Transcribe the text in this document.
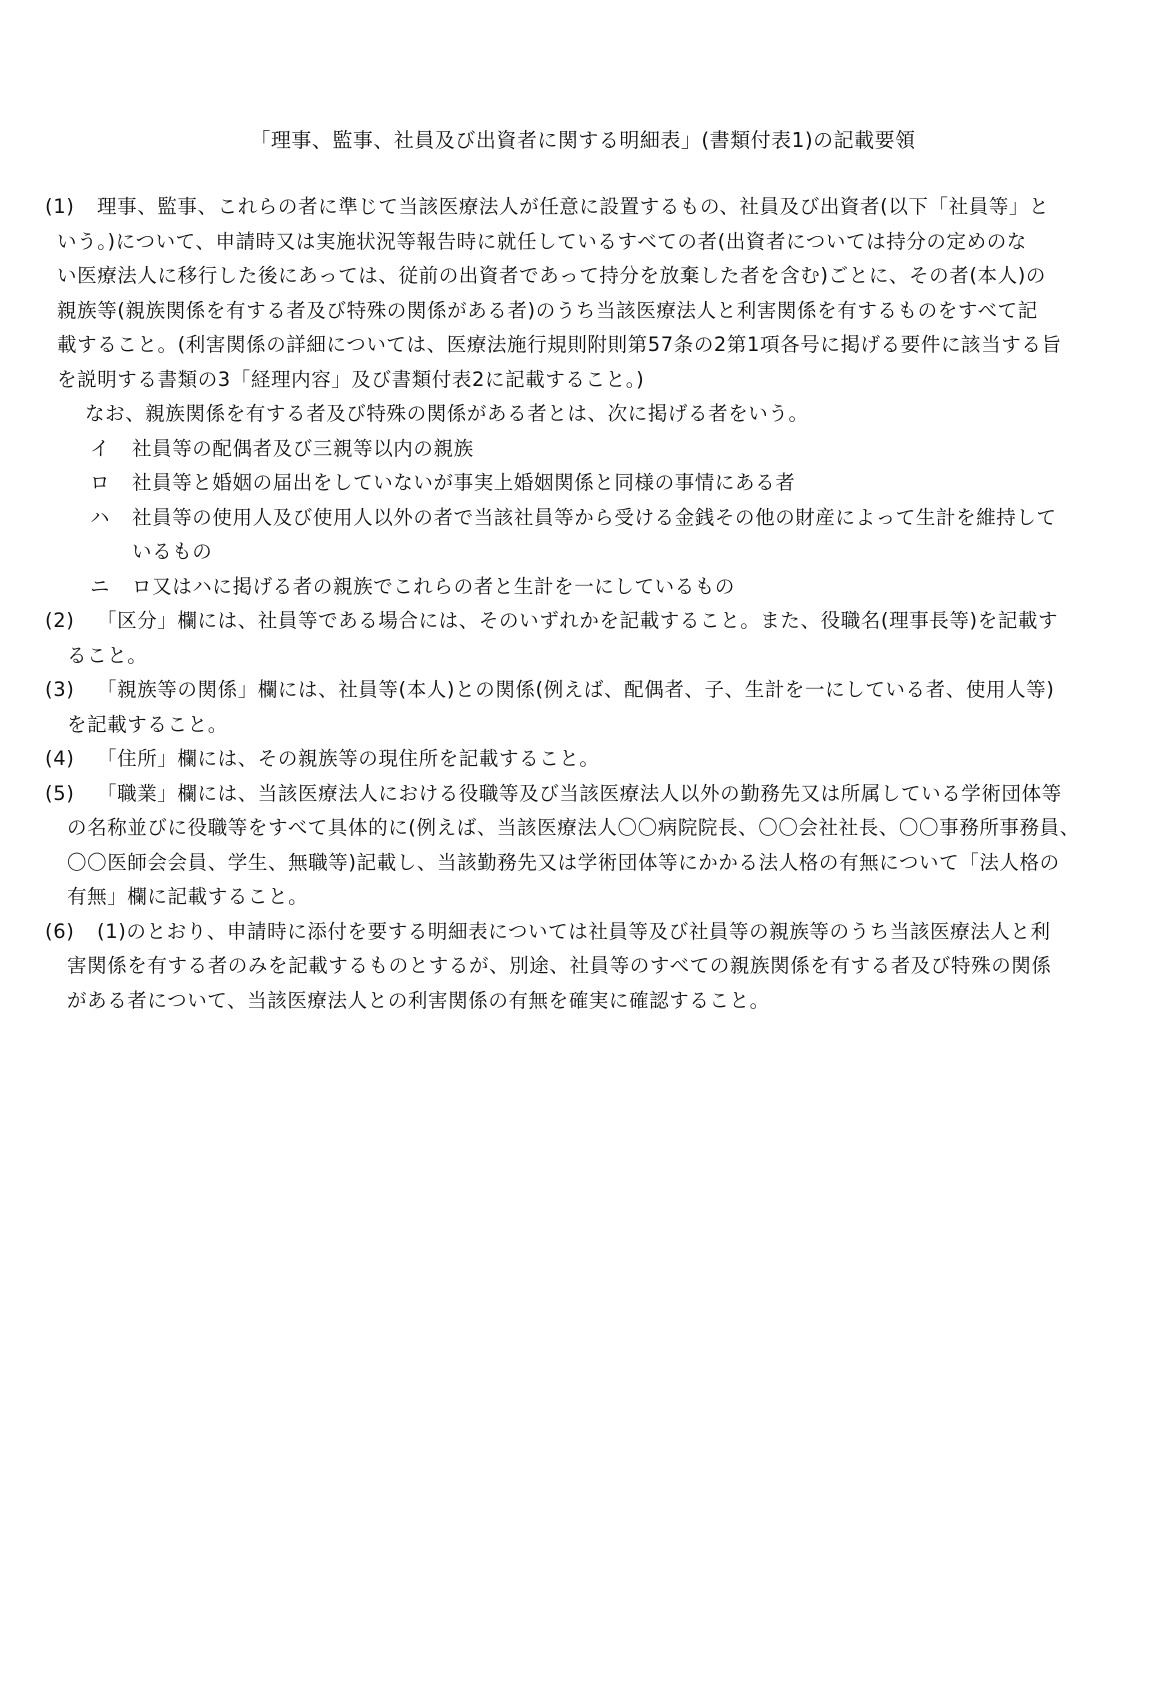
「理事、監事、社員及び出資者に関する明細表」(書類付表1)の記載要領
(1)	理事、監事、これらの者に準じて当該医療法人が任意に設置するもの、社員及び出資者(以下「社員等」と
いう。)について、申請時又は実施状況等報告時に就任しているすべての者(出資者については持分の定めのな
い医療法人に移行した後にあっては、従前の出資者であって持分を放棄した者を含む)ごとに、その者(本人)の
親族等(親族関係を有する者及び特殊の関係がある者)のうち当該医療法人と利害関係を有するものをすべて記
載すること。(利害関係の詳細については、医療法施行規則附則第57条の2第1項各号に掲げる要件に該当する旨
を説明する書類の3「経理内容」及び書類付表2に記載すること。)
なお、親族関係を有する者及び特殊の関係がある者とは、次に掲げる者をいう。
イ	社員等の配偶者及び三親等以内の親族
ロ	社員等と婚姻の届出をしていないが事実上婚姻関係と同様の事情にある者
ハ	社員等の使用人及び使用人以外の者で当該社員等から受ける金銭その他の財産によって生計を維持して
いるもの
ニ	ロ又はハに掲げる者の親族でこれらの者と生計を一にしているもの
(2)	「区分」欄には、社員等である場合には、そのいずれかを記載すること。また、役職名(理事長等)を記載す
ること。
(3)	「親族等の関係」欄には、社員等(本人)との関係(例えば、配偶者、子、生計を一にしている者、使用人等)
を記載すること。
(4)	「住所」欄には、その親族等の現住所を記載すること。
(5)	「職業」欄には、当該医療法人における役職等及び当該医療法人以外の勤務先又は所属している学術団体等
の名称並びに役職等をすべて具体的に(例えば、当該医療法人〇〇病院院長、〇〇会社社長、〇〇事務所事務員、
〇〇医師会会員、学生、無職等)記載し、当該勤務先又は学術団体等にかかる法人格の有無について「法人格の
有無」欄に記載すること。
(6)	(1)のとおり、申請時に添付を要する明細表については社員等及び社員等の親族等のうち当該医療法人と利
害関係を有する者のみを記載するものとするが、別途、社員等のすべての親族関係を有する者及び特殊の関係
がある者について、当該医療法人との利害関係の有無を確実に確認すること。
